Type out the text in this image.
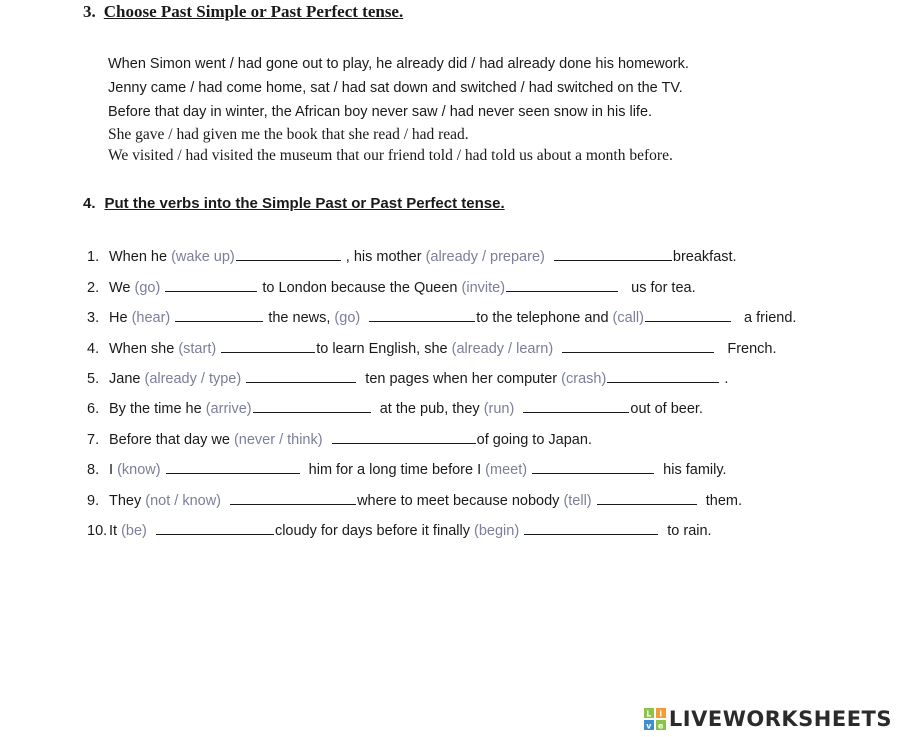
3. Choose Past Simple or Past Perfect tense.
When Simon went / had gone out to play, he already did / had already done his homework.
Jenny came / had come home, sat / had sat down and switched / had switched on the TV.
Before that day in winter, the African boy never saw / had never seen snow in his life.
She gave / had given me the book that she read / had read.
We visited / had visited the museum that our friend told / had told us about a month before.
4. Put the verbs into the Simple Past or Past Perfect tense.
1. When he (wake up)	, his mother (already / prepare)	breakfast.
2. We (go)	to London because the Queen (invite)	us for tea.
3. He (hear)	the news, (go)	to the telephone and (call)	a friend.
4. When she (start)	to learn English, she (already / learn)	French.
5. Jane (already / type)	ten pages when her computer (crash)	.
6. By the time he (arrive)	at the pub, they (run)	out of beer.
7. Before that day we (never / think)	of going to Japan.
8. I (know)	him for a long time before I (meet)	his family.
9. They (not / know)	where to meet because nobody (tell)	them.
10. It (be)	cloudy for days before it finally (begin)	to rain.
L i
v e LIVEWORKSHEETS
